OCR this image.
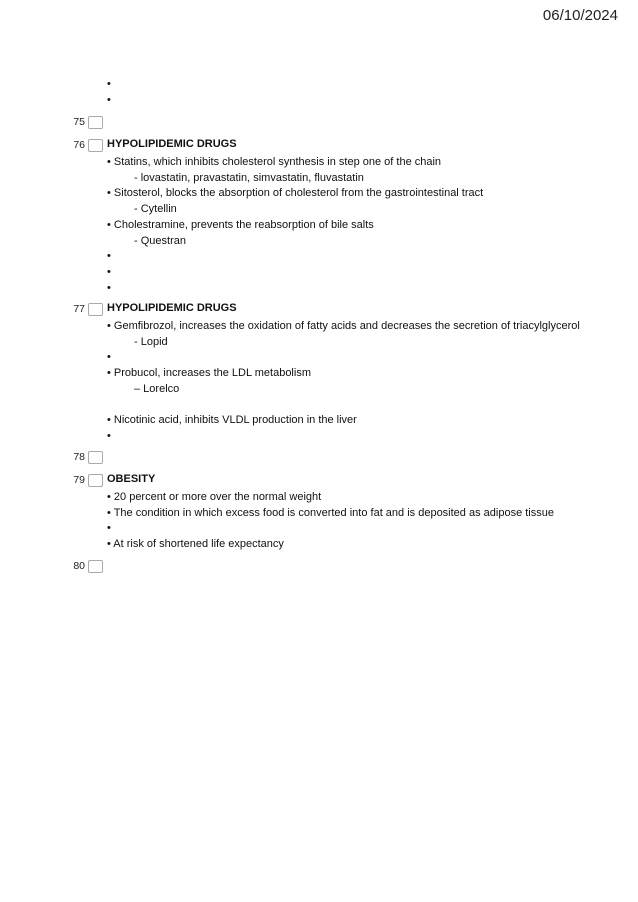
06/10/2024
•
•
75
76 HYPOLIPIDEMIC DRUGS
• Statins, which inhibits cholesterol synthesis in step one of the chain
- lovastatin, pravastatin, simvastatin, fluvastatin
• Sitosterol, blocks the absorption of cholesterol from the gastrointestinal tract
- Cytellin
• Cholestramine, prevents the reabsorption of bile salts
- Questran
•
•
•
77 HYPOLIPIDEMIC DRUGS
• Gemfibrozol, increases the oxidation of fatty acids and decreases the secretion of triacylglycerol
- Lopid
•
• Probucol, increases the LDL metabolism
– Lorelco
• Nicotinic acid, inhibits VLDL production in the liver
•
78
79 OBESITY
• 20 percent or more over the normal weight
• The condition in which excess food is converted into fat and is deposited as adipose tissue
•
• At risk of shortened life expectancy
80
